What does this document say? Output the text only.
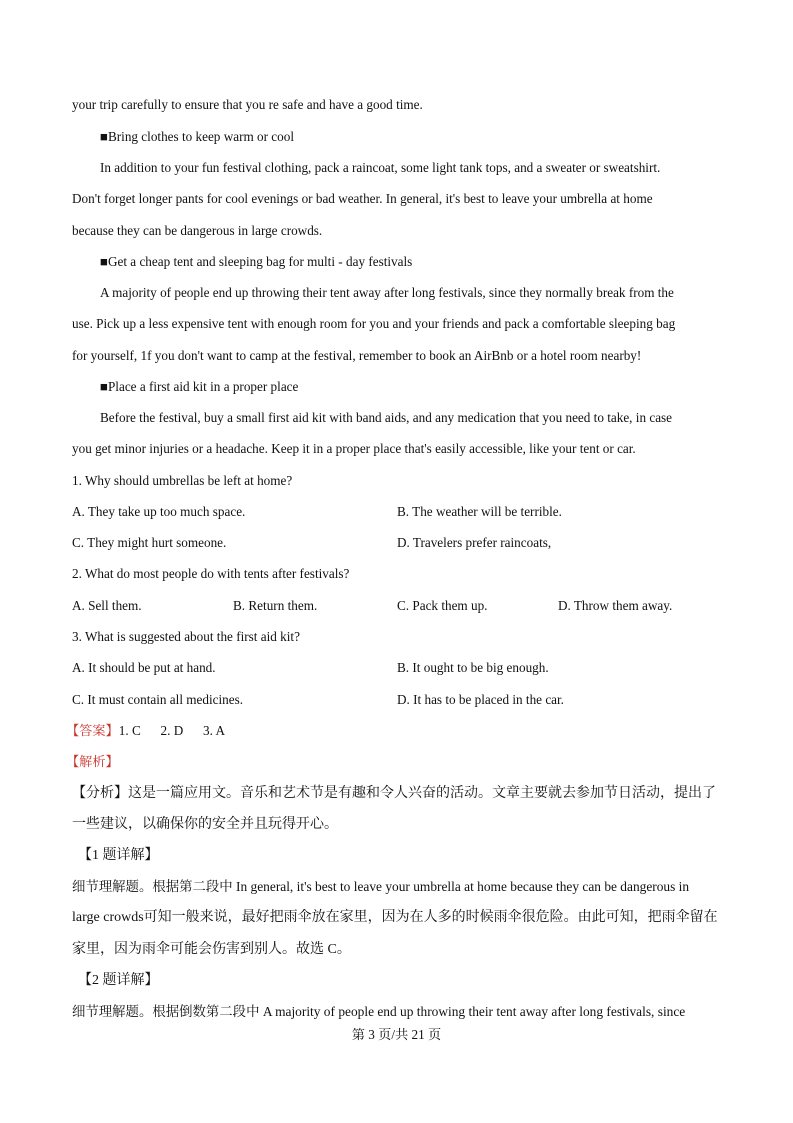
your trip carefully to ensure that you re safe and have a good time.
■Bring clothes to keep warm or cool
In addition to your fun festival clothing, pack a raincoat, some light tank tops, and a sweater or sweatshirt.
Don't forget longer pants for cool evenings or bad weather. In general, it's best to leave your umbrella at home
because they can be dangerous in large crowds.
■Get a cheap tent and sleeping bag for multi - day festivals
A majority of people end up throwing their tent away after long festivals, since they normally break from the
use. Pick up a less expensive tent with enough room for you and your friends and pack a comfortable sleeping bag
for yourself, 1f you don't want to camp at the festival, remember to book an AirBnb or a hotel room nearby!
■Place a first aid kit in a proper place
Before the festival, buy a small first aid kit with band aids, and any medication that you need to take, in case
you get minor injuries or a headache. Keep it in a proper place that's easily accessible, like your tent or car.
1. Why should umbrellas be left at home?
A. They take up too much space.	B. The weather will be terrible.
C. They might hurt someone.	D. Travelers prefer raincoats,
2. What do most people do with tents after festivals?
A. Sell them.	B. Return them.	C. Pack them up.	D. Throw them away.
3. What is suggested about the first aid kit?
A. It should be put at hand.	B. It ought to be big enough.
C. It must contain all medicines.	D. It has to be placed in the car.
【答案】1. C      2. D      3. A
【解析】
【分析】这是一篇应用文。音乐和艺术节是有趣和令人兴奋的活动。文章主要就去参加节日活动，提出了
一些建议，以确保你的安全并且玩得开心。
【1 题详解】
细节理解题。根据第二段中 In general, it's best to leave your umbrella at home because they can be dangerous in
large crowds可知一般来说，最好把雨伞放在家里，因为在人多的时候雨伞很危险。由此可知，把雨伞留在
家里，因为雨伞可能会伤害到别人。故选 C。
【2 题详解】
细节理解题。根据倒数第二段中 A majority of people end up throwing their tent away after long festivals, since
第 3 页/共 21 页
